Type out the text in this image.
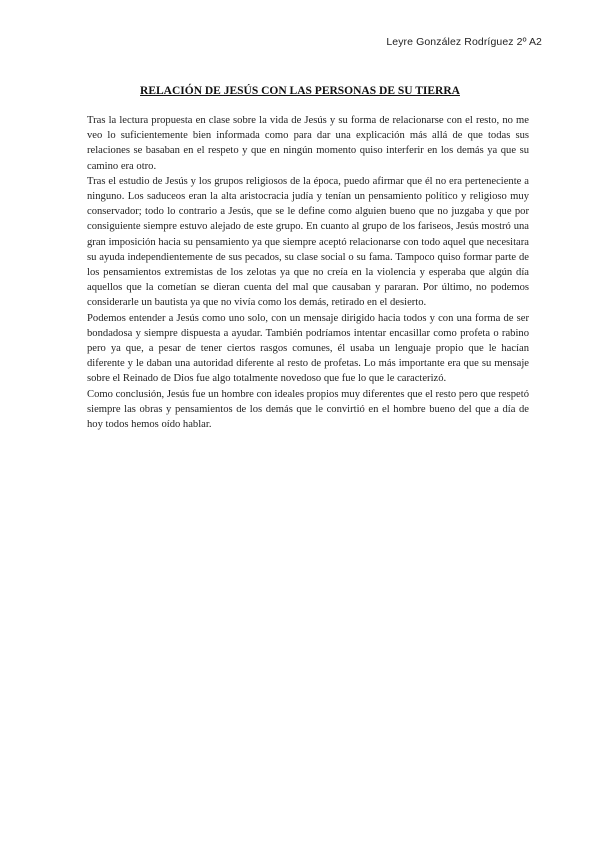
Leyre González Rodríguez 2º A2
RELACIÓN DE JESÚS CON LAS PERSONAS DE SU TIERRA

Tras la lectura propuesta en clase sobre la vida de Jesús y su forma de relacionarse con el resto, no me veo lo suficientemente bien informada como para dar una explicación más allá de que todas sus relaciones se basaban en el respeto y que en ningún momento quiso interferir en los demás ya que su camino era otro.

Tras el estudio de Jesús y los grupos religiosos de la época, puedo afirmar que él no era perteneciente a ninguno. Los saduceos eran la alta aristocracia judía y tenían un pensamiento político y religioso muy conservador; todo lo contrario a Jesús, que se le define como alguien bueno que no juzgaba y que por consiguiente siempre estuvo alejado de este grupo. En cuanto al grupo de los fariseos, Jesús mostró una gran imposición hacia su pensamiento ya que siempre aceptó relacionarse con todo aquel que necesitara su ayuda independientemente de sus pecados, su clase social o su fama. Tampoco quiso formar parte de los pensamientos extremistas de los zelotas ya que no creía en la violencia y esperaba que algún día aquellos que la cometían se dieran cuenta del mal que causaban y pararan. Por último, no podemos considerarle un bautista ya que no vivía como los demás, retirado en el desierto.

Podemos entender a Jesús como uno solo, con un mensaje dirigido hacia todos y con una forma de ser bondadosa y siempre dispuesta a ayudar. También podríamos intentar encasillar como profeta o rabino pero ya que, a pesar de tener ciertos rasgos comunes, él usaba un lenguaje propio que le hacían diferente y le daban una autoridad diferente al resto de profetas. Lo más importante era que su mensaje sobre el Reinado de Dios fue algo totalmente novedoso que fue lo que le caracterizó.

Como conclusión, Jesús fue un hombre con ideales propios muy diferentes que el resto pero que respetó siempre las obras y pensamientos de los demás que le convirtió en el hombre bueno del que a día de hoy todos hemos oído hablar.
